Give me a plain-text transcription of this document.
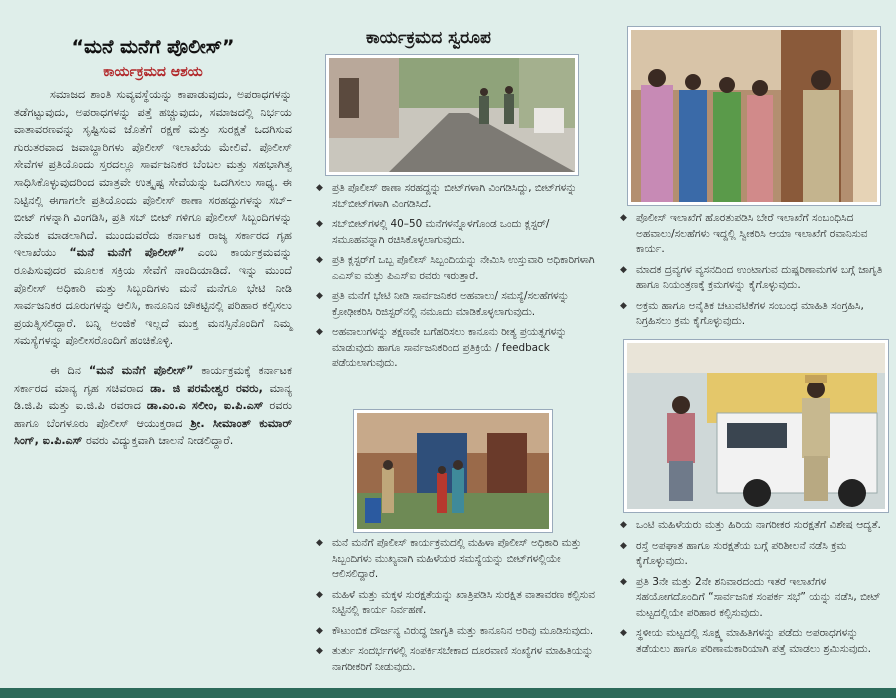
“ಮನೆ ಮನೆಗೆ ಪೊಲೀಸ್”
ಕಾರ್ಯಕ್ರಮದ ಆಶಯ

ಸಮಾಜದ ಶಾಂತಿ ಸುವ್ಯವಸ್ಥೆಯನ್ನು ಕಾಪಾಡುವುದು, ಅಪರಾಧಗಳನ್ನು ತಡೆಗಟ್ಟುವುದು, ಅಪರಾಧಗಳನ್ನು ಪತ್ತೆ ಹಚ್ಚುವುದು, ಸಮಾಜದಲ್ಲಿ ನಿರ್ಭಯ ವಾತಾವರಣವನ್ನು ಸೃಷ್ಟಿಸುವ ಜೊತೆಗೆ ರಕ್ಷಣೆ ಮತ್ತು ಸುರಕ್ಷತೆ ಒದಗಿಸುವ ಗುರುತರವಾದ ಜವಾಬ್ದಾರಿಗಳು ಪೊಲೀಸ್ ಇಲಾಖೆಯ ಮೇಲಿವೆ. ಪೊಲೀಸ್ ಸೇವೆಗಳ ಪ್ರತಿಯೊಂದು ಸ್ತರದಲ್ಲೂ ಸಾರ್ವಜನಿಕರ ಬೆಂಬಲ ಮತ್ತು ಸಹಭಾಗಿತ್ವ ಸಾಧಿಸಿಕೊಳ್ಳುವುದರಿಂದ ಮಾತ್ರವೇ ಉತ್ಕೃಷ್ಟ ಸೇವೆಯನ್ನು ಒದಗಿಸಲು ಸಾಧ್ಯ. ಈ ನಿಟ್ಟಿನಲ್ಲಿ ಈಗಾಗಲೇ ಪ್ರತಿಯೊಂದು ಪೊಲೀಸ್ ಠಾಣಾ ಸರಹದ್ದುಗಳನ್ನು ಸಬ್–ಬೀಟ್ ಗಳನ್ನಾಗಿ ವಿಂಗಡಿಸಿ, ಪ್ರತಿ ಸಬ್ ಬೀಟ್ ಗಳಿಗೂ ಪೊಲೀಸ್ ಸಿಬ್ಬಂದಿಗಳನ್ನು ನೇಮಕ ಮಾಡಲಾಗಿದೆ. ಮುಂದುವರೆದು ಕರ್ನಾಟಕ ರಾಜ್ಯ ಸರ್ಕಾರದ ಗೃಹ ಇಲಾಖೆಯು “ಮನೆ ಮನೆಗೆ ಪೊಲೀಸ್” ಎಂಬ ಕಾರ್ಯಕ್ರಮವನ್ನು ರೂಪಿಸುವುದರ ಮೂಲಕ ಸಕ್ರಿಯ ಸೇವೆಗೆ ನಾಂದಿಯಾಡಿದೆ. ಇನ್ನು ಮುಂದೆ ಪೊಲೀಸ್ ಅಧಿಕಾರಿ ಮತ್ತು ಸಿಬ್ಬಂದಿಗಳು ಮನೆ ಮನೆಗೂ ಭೇಟಿ ನೀಡಿ ಸಾರ್ವಜನಿಕರ ದೂರುಗಳನ್ನು ಆಲಿಸಿ, ಕಾನೂನಿನ ಚೌಕಟ್ಟಿನಲ್ಲಿ ಪರಿಹಾರ ಕಲ್ಪಿಸಲು ಪ್ರಯತ್ನಿಸಲಿದ್ದಾರೆ. ಬನ್ನಿ ಅಂಜಿಕೆ ಇಲ್ಲದೆ ಮುಕ್ತ ಮನಸ್ಸಿನೊಂದಿಗೆ ನಿಮ್ಮ ಸಮಸ್ಯೆಗಳನ್ನು ಪೊಲೀಸರೊಂದಿಗೆ ಹಂಚಿಕೊಳ್ಳಿ.

ಈ ದಿನ “ಮನೆ ಮನೆಗೆ ಪೊಲೀಸ್” ಕಾರ್ಯಕ್ರಮಕ್ಕೆ ಕರ್ನಾಟಕ ಸರ್ಕಾರದ ಮಾನ್ಯ ಗೃಹ ಸಚಿವರಾದ ಡಾ. ಜಿ ಪರಮೇಶ್ವರ ರವರು, ಮಾನ್ಯ ಡಿ.ಜಿ.ಪಿ ಮತ್ತು ಐ.ಜಿ.ಪಿ ರವರಾದ ಡಾ.ಎಂ.ಎ ಸಲೀಂ, ಐ.ಪಿ.ಎಸ್ ರವರು ಹಾಗೂ ಬೆಂಗಳೂರು ಪೊಲೀಸ್ ಆಯುಕ್ತರಾದ ಶ್ರೀ. ಸೀಮಾಂತ್ ಕುಮಾರ್ ಸಿಂಗ್, ಐ.ಪಿ.ಎಸ್ ರವರು ವಿದ್ಯುಕ್ತವಾಗಿ ಚಾಲನೆ ನೀಡಲಿದ್ದಾರೆ.

ಕಾರ್ಯಕ್ರಮದ ಸ್ವರೂಪ
◆ ಪ್ರತಿ ಪೊಲೀಸ್ ಠಾಣಾ ಸರಹದ್ದನ್ನು ಬೀಟ್‌ಗಳಾಗಿ ವಿಂಗಡಿಸಿದ್ದು, ಬೀಟ್‌ಗಳನ್ನು ಸಬ್‌ಬೀಟ್‌ಗಳಾಗಿ ವಿಂಗಡಿಸಿದೆ.
◆ ಸಬ್‌ಬೀಟ್‌ಗಳಲ್ಲಿ 40–50 ಮನೆಗಳನ್ನೊಳಗೊಂಡ ಒಂದು ಕ್ಲಸ್ಟರ್/ಸಮೂಹವನ್ನಾಗಿ ರಚಿಸಿಕೊಳ್ಳಲಾಗುವುದು.
◆ ಪ್ರತಿ ಕ್ಲಸ್ಟರ್‌ಗೆ ಒಬ್ಬ ಪೊಲೀಸ್ ಸಿಬ್ಬಂದಿಯನ್ನು ನೇಮಿಸಿ ಉಸ್ತುವಾರಿ ಅಧಿಕಾರಿಗಳಾಗಿ ಎಎಸ್‌ಐ ಮತ್ತು ಪಿಎಸ್‌ಐ ರವರು ಇರುತ್ತಾರೆ.
◆ ಪ್ರತಿ ಮನೆಗೆ ಭೇಟಿ ನೀಡಿ ಸಾರ್ವಜನಿಕರ ಅಹವಾಲು/ ಸಮಸ್ಯೆ/ಸಲಹೆಗಳನ್ನು ಕ್ರೋಢೀಕರಿಸಿ ರಿಜಿಸ್ಟರ್‌ನಲ್ಲಿ ನಮೂದು ಮಾಡಿಕೊಳ್ಳಲಾಗುವುದು.
◆ ಅಹವಾಲುಗಳನ್ನು ತಕ್ಷಣವೇ ಬಗೆಹರಿಸಲು ಕಾನೂನು ರೀತ್ಯ ಪ್ರಯತ್ನಗಳನ್ನು ಮಾಡುವುದು ಹಾಗೂ ಸಾರ್ವಜನಿಕರಿಂದ ಪ್ರತಿಕ್ರಿಯೆ / feedback ಪಡೆಯಲಾಗುವುದು.
◆ ಮನೆ ಮನೆಗೆ ಪೊಲೀಸ್ ಕಾರ್ಯಕ್ರಮದಲ್ಲಿ ಮಹಿಳಾ ಪೊಲೀಸ್ ಅಧಿಕಾರಿ ಮತ್ತು ಸಿಬ್ಬಂದಿಗಳು ಮುಖ್ಯವಾಗಿ ಮಹಿಳೆಯರ ಸಮಸ್ಯೆಯನ್ನು ಬೀಟ್‌ಗಳಲ್ಲಿಯೇ ಆಲಿಸಲಿದ್ದಾರೆ.
◆ ಮಹಿಳೆ ಮತ್ತು ಮಕ್ಕಳ ಸುರಕ್ಷತೆಯನ್ನು ಖಾತ್ರಿಪಡಿಸಿ ಸುರಕ್ಷಿತ ವಾತಾವರಣ ಕಲ್ಪಿಸುವ ನಿಟ್ಟಿನಲ್ಲಿ ಕಾರ್ಯ ನಿರ್ವಹಣೆ.
◆ ಕೌಟುಂಬಿಕ ದೌರ್ಜನ್ಯ ವಿರುದ್ಧ ಜಾಗೃತಿ ಮತ್ತು ಕಾನೂನಿನ ಅರಿವು ಮೂಡಿಸುವುದು.
◆ ತುರ್ತು ಸಂದರ್ಭಗಳಲ್ಲಿ ಸಂಪರ್ಕಿಸಬೇಕಾದ ದೂರವಾಣಿ ಸಂಖ್ಯೆಗಳ ಮಾಹಿತಿಯನ್ನು ನಾಗರೀಕರಿಗೆ ನೀಡುವುದು.
◆ ಪೊಲೀಸ್ ಇಲಾಖೆಗೆ ಹೊರತುಪಡಿಸಿ ಬೇರೆ ಇಲಾಖೆಗೆ ಸಂಬಂಧಿಸಿದ ಅಹವಾಲು/ಸಲಹೆಗಳು ಇದ್ದಲ್ಲಿ ಸ್ವೀಕರಿಸಿ ಆಯಾ ಇಲಾಖೆಗೆ ರವಾನಿಸುವ ಕಾರ್ಯ.
◆ ಮಾದಕ ದ್ರವ್ಯಗಳ ವ್ಯಸನದಿಂದ ಉಂಟಾಗುವ ದುಷ್ಪರಿಣಾಮಗಳ ಬಗ್ಗೆ ಜಾಗೃತಿ ಹಾಗೂ ನಿಯಂತ್ರಣಕ್ಕೆ ಕ್ರಮಗಳನ್ನು ಕೈಗೊಳ್ಳುವುದು.
◆ ಅಕ್ರಮ ಹಾಗೂ ಅನೈತಿಕ ಚಟುವಟಿಕೆಗಳ ಸಂಬಂಧ ಮಾಹಿತಿ ಸಂಗ್ರಹಿಸಿ, ನಿಗ್ರಹಿಸಲು ಕ್ರಮ ಕೈಗೊಳ್ಳುವುದು.
◆ ಒಂಟಿ ಮಹಿಳೆಯರು ಮತ್ತು ಹಿರಿಯ ನಾಗರೀಕರ ಸುರಕ್ಷತೆಗೆ ವಿಶೇಷ ಆದ್ಯತೆ.
◆ ರಸ್ತೆ ಅಪಘಾತ ಹಾಗೂ ಸುರಕ್ಷತೆಯ ಬಗ್ಗೆ ಪರಿಶೀಲನೆ ನಡೆಸಿ ಕ್ರಮ ಕೈಗೊಳ್ಳುವುದು.
◆ ಪ್ರತಿ 3ನೇ ಮತ್ತು 2ನೇ ಶನಿವಾರದಂದು ಇತರೆ ಇಲಾಖೆಗಳ ಸಹಯೋಗದೊಂದಿಗೆ “ಸಾರ್ವಜನಿಕ ಸಂಪರ್ಕ ಸಭೆ” ಯನ್ನು ನಡೆಸಿ, ಬೀಟ್ ಮಟ್ಟದಲ್ಲಿಯೇ ಪರಿಹಾರ ಕಲ್ಪಿಸುವುದು.
◆ ಸ್ಥಳೀಯ ಮಟ್ಟದಲ್ಲಿ ಸೂಕ್ಷ್ಮ ಮಾಹಿತಿಗಳನ್ನು ಪಡೆದು ಅಪರಾಧಗಳನ್ನು ತಡೆಯಲು ಹಾಗೂ ಪರಿಣಾಮಕಾರಿಯಾಗಿ ಪತ್ತೆ ಮಾಡಲು ಶ್ರಮಿಸುವುದು.
